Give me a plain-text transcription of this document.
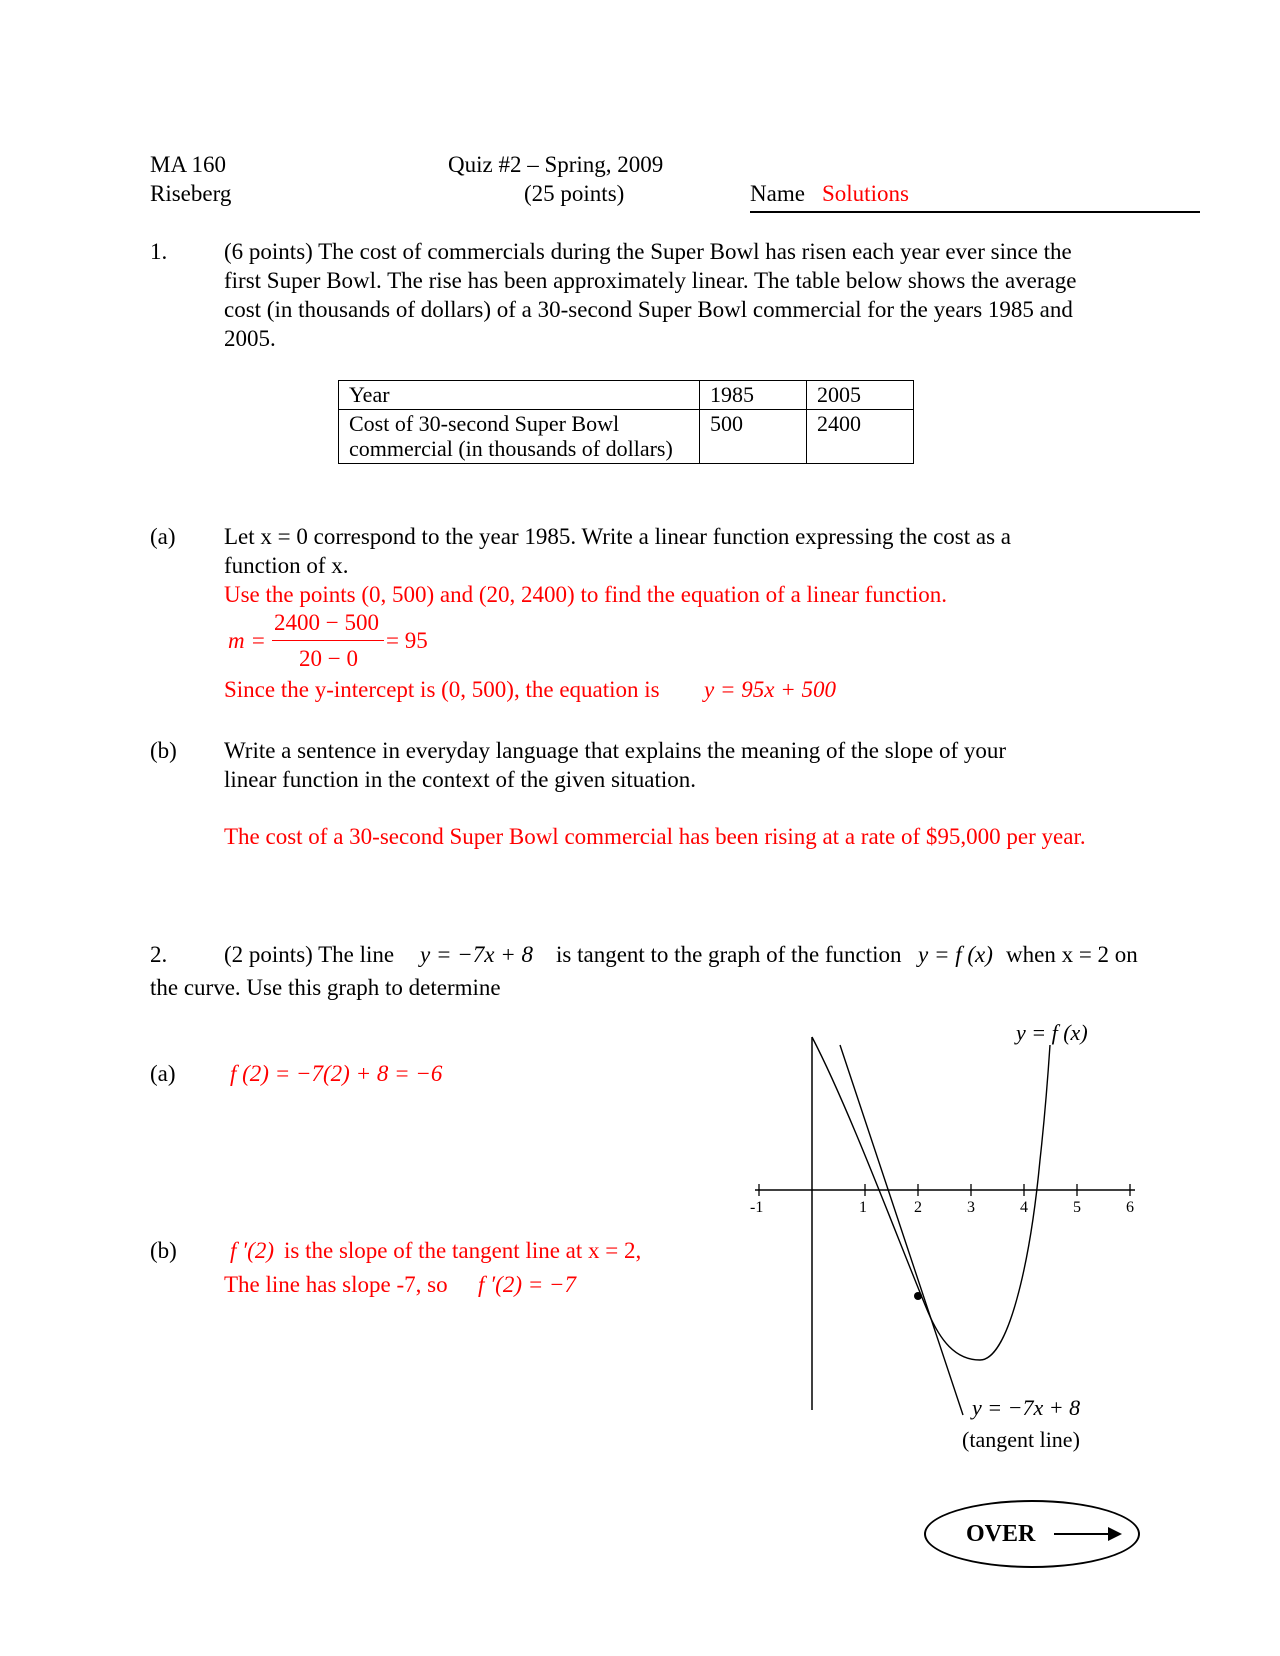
MA 160
Riseberg
Quiz #2 – Spring, 2009
(25 points)	Name Solutions
1. (6 points) The cost of commercials during the Super Bowl has risen each year ever since the
first Super Bowl. The rise has been approximately linear. The table below shows the average
cost (in thousands of dollars) of a 30-second Super Bowl commercial for the years 1985 and
2005.
Year	1985	2005

Cost of 30-second Super Bowl
commercial (in thousands of dollars)	500	2400
(a) Let x = 0 correspond to the year 1985. Write a linear function expressing the cost as a
function of x.
Use the points (0, 500) and (20, 2400) to find the equation of a linear function.
m =
2400 − 500
20 − 0
= 95
Since the y-intercept is (0, 500), the equation is y = 95x + 500
(b) Write a sentence in everyday language that explains the meaning of the slope of your
linear function in the context of the given situation.
The cost of a 30-second Super Bowl commercial has been rising at a rate of $95,000 per year.
2. (2 points) The line y = −7x + 8 is tangent to the graph of the function y = f (x) when x = 2 on
the curve. Use this graph to determine
(a) f (2) = −7(2) + 8 = −6
(b) f ′(2) is the slope of the tangent line at x = 2,
The line has slope -7, so f ′(2) = −7
-1	1	2	3	4	5	6
y = f (x)
y = −7x + 8
(tangent line)
OVER
